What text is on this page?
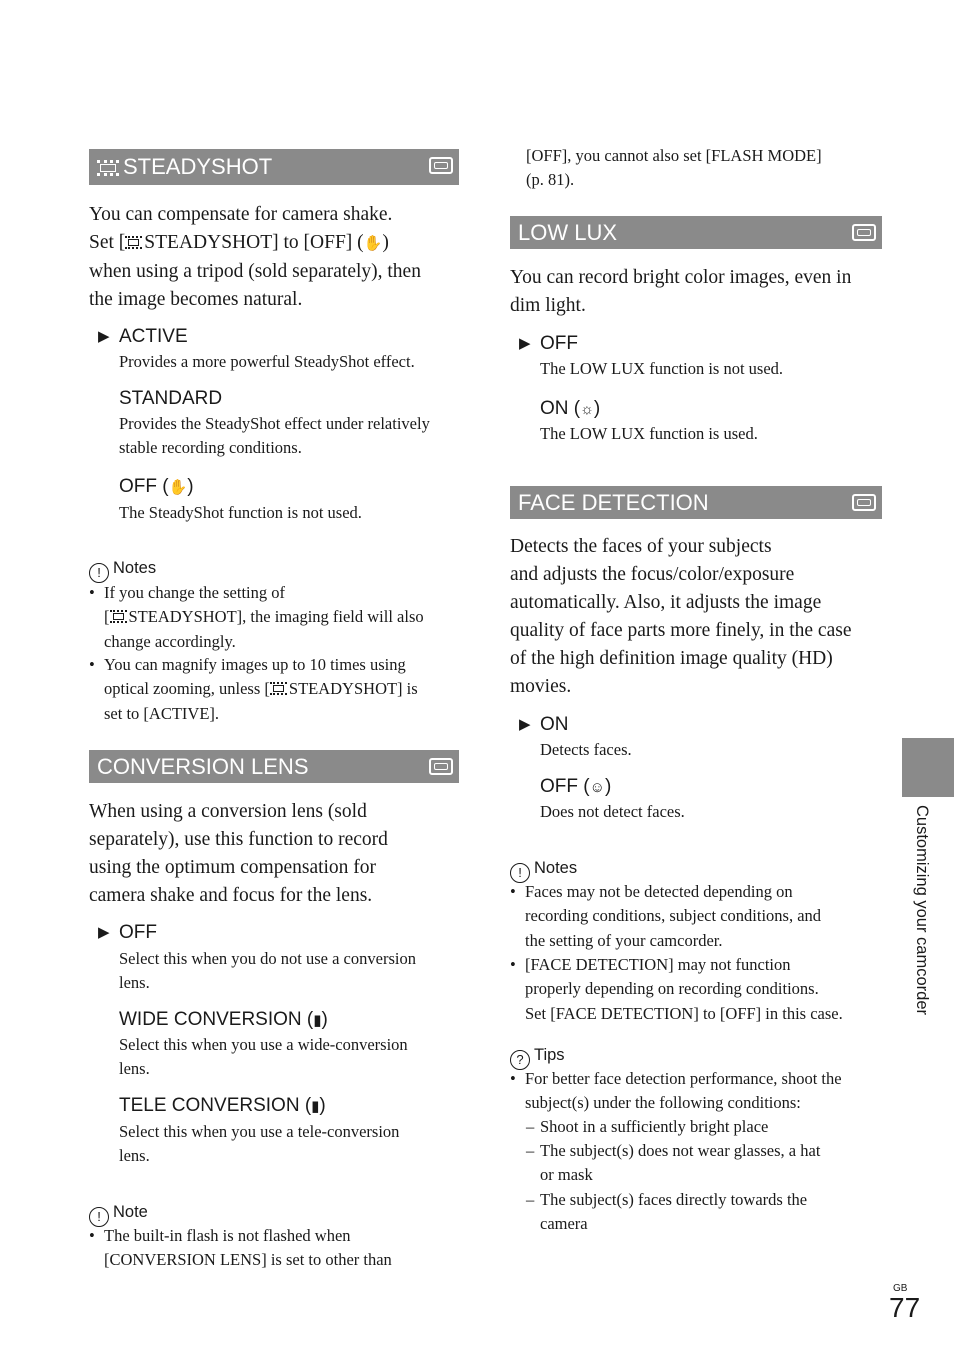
STEADYSHOT

You can compensate for camera shake.
Set [ STEADYSHOT] to [OFF] (✋)
when using a tripod (sold separately), then
the image becomes natural.

▶ ACTIVE

Provides a more powerful SteadyShot effect.

STANDARD

Provides the SteadyShot effect under relatively
stable recording conditions.

OFF (✋)

The SteadyShot function is not used.

! Notes

• If you change the setting of
[ STEADYSHOT], the imaging field will also
change accordingly.

• You can magnify images up to 10 times using
optical zooming, unless [ STEADYSHOT] is
set to [ACTIVE].

CONVERSION LENS

When using a conversion lens (sold
separately), use this function to record
using the optimum compensation for
camera shake and focus for the lens.

▶ OFF

Select this when you do not use a conversion
lens.

WIDE CONVERSION (▮)

Select this when you use a wide-conversion
lens.

TELE CONVERSION (▮)

Select this when you use a tele-conversion
lens.

! Note

• The built-in flash is not flashed when
[CONVERSION LENS] is set to other than

[OFF], you cannot also set [FLASH MODE]
(p. 81).

LOW LUX

You can record bright color images, even in
dim light.

▶ OFF

The LOW LUX function is not used.

ON (☼)

The LOW LUX function is used.

FACE DETECTION

Detects the faces of your subjects
and adjusts the focus/color/exposure
automatically. Also, it adjusts the image
quality of face parts more finely, in the case
of the high definition image quality (HD)
movies.

▶ ON

Detects faces.

OFF (☺)

Does not detect faces.

! Notes

• Faces may not be detected depending on
recording conditions, subject conditions, and
the setting of your camcorder.

• [FACE DETECTION] may not function
properly depending on recording conditions.
Set [FACE DETECTION] to [OFF] in this case.

? Tips

• For better face detection performance, shoot the
subject(s) under the following conditions:

– Shoot in a sufficiently bright place

– The subject(s) does not wear glasses, a hat
or mask

– The subject(s) faces directly towards the
camera

Customizing your camcorder
GB
77
